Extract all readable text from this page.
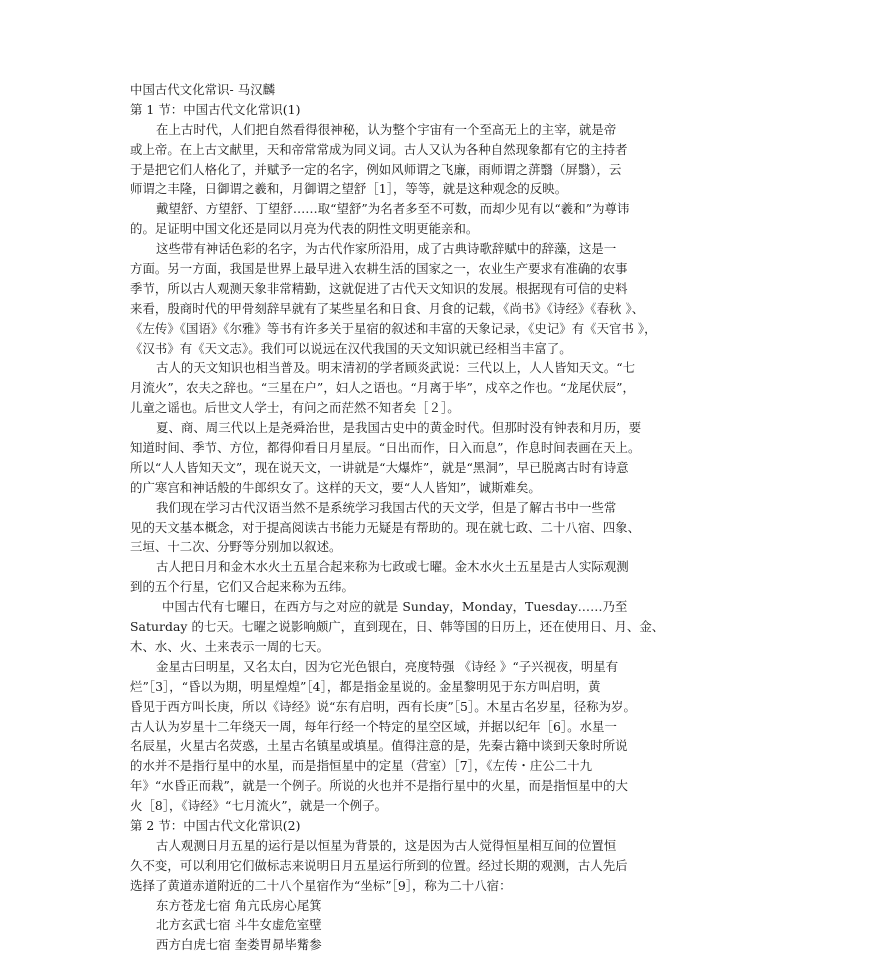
中国古代文化常识- 马汉麟
第 1 节：中国古代文化常识(1)
在上古时代，人们把自然看得很神秘，认为整个宇宙有一个至高无上的主宰，就是帝
或上帝。在上古文献里，天和帝常常成为同义词。古人又认为各种自然现象都有它的主持者
于是把它们人格化了，并赋予一定的名字，例如风师谓之飞廉，雨师谓之蓱翳（屏翳），云
师谓之丰隆，日御谓之羲和，月御谓之望舒［1］，等等，就是这种观念的反映。
戴望舒、方望舒、丁望舒……取“望舒”为名者多至不可数，而却少见有以“羲和”为尊讳
的。足证明中国文化还是同以月亮为代表的阴性文明更能亲和。
这些带有神话色彩的名字，为古代作家所沿用，成了古典诗歌辞赋中的辞藻，这是一
方面。另一方面，我国是世界上最早进入农耕生活的国家之一，农业生产要求有准确的农事
季节，所以古人观测天象非常精勤，这就促进了古代天文知识的发展。根据现有可信的史料
来看，殷商时代的甲骨刻辞早就有了某些星名和日食、月食的记载，《尚书》《诗经》《春秋 》、
《左传》《国语》《尔雅》等书有许多关于星宿的叙述和丰富的天象记录，《史记》有《天官书 》，
《汉书》有《天文志》。我们可以说远在汉代我国的天文知识就已经相当丰富了。
古人的天文知识也相当普及。明末清初的学者顾炎武说：三代以上，人人皆知天文。“七
月流火”，农夫之辞也。“三星在户”，妇人之语也。“月离于毕”，戍卒之作也。“龙尾伏辰”，
儿童之谣也。后世文人学士，有问之而茫然不知者矣［２］。
夏、商、周三代以上是尧舜治世，是我国古史中的黄金时代。但那时没有钟表和月历，要
知道时间、季节、方位，都得仰看日月星辰。“日出而作，日入而息”，作息时间表画在天上。
所以“人人皆知天文”，现在说天文，一讲就是“大爆炸”，就是“黑洞”，早已脱离古时有诗意
的广寒宫和神话般的牛郎织女了。这样的天文，要“人人皆知”，诚斯难矣。
我们现在学习古代汉语当然不是系统学习我国古代的天文学，但是了解古书中一些常
见的天文基本概念，对于提高阅读古书能力无疑是有帮助的。现在就七政、二十八宿、四象、
三垣、十二次、分野等分别加以叙述。
古人把日月和金木水火土五星合起来称为七政或七曜。金木水火土五星是古人实际观测
到的五个行星，它们又合起来称为五纬。
中国古代有七曜日，在西方与之对应的就是 Sunday，Monday，Tuesday……乃至
Saturday 的七天。七曜之说影响颇广，直到现在，日、韩等国的日历上，还在使用日、月、金、
木、水、火、土来表示一周的七天。
金星古曰明星，又名太白，因为它光色银白，亮度特强 《诗经 》“子兴视夜，明星有
烂”［3］，“昏以为期，明星煌煌”［4］，都是指金星说的。金星黎明见于东方叫启明，黄
昏见于西方叫长庚，所以《诗经》说“东有启明，西有长庚”［5］。木星古名岁星，径称为岁。
古人认为岁星十二年绕天一周，每年行经一个特定的星空区域，并据以纪年［6］。水星一
名辰星，火星古名荧惑，土星古名镇星或填星。值得注意的是，先秦古籍中谈到天象时所说
的水并不是指行星中的水星，而是指恒星中的定星（营室）［7］，《左传・庄公二十九
年》“水昏正而栽”，就是一个例子。所说的火也并不是指行星中的火星，而是指恒星中的大
火［8］，《诗经》“七月流火”，就是一个例子。
第 2 节：中国古代文化常识(2)
古人观测日月五星的运行是以恒星为背景的，这是因为古人觉得恒星相互间的位置恒
久不变，可以利用它们做标志来说明日月五星运行所到的位置。经过长期的观测，古人先后
选择了黄道赤道附近的二十八个星宿作为“坐标”［9］，称为二十八宿：
东方苍龙七宿 角亢氐房心尾箕
北方玄武七宿 斗牛女虚危室壁
西方白虎七宿 奎娄胃昴毕觜参
